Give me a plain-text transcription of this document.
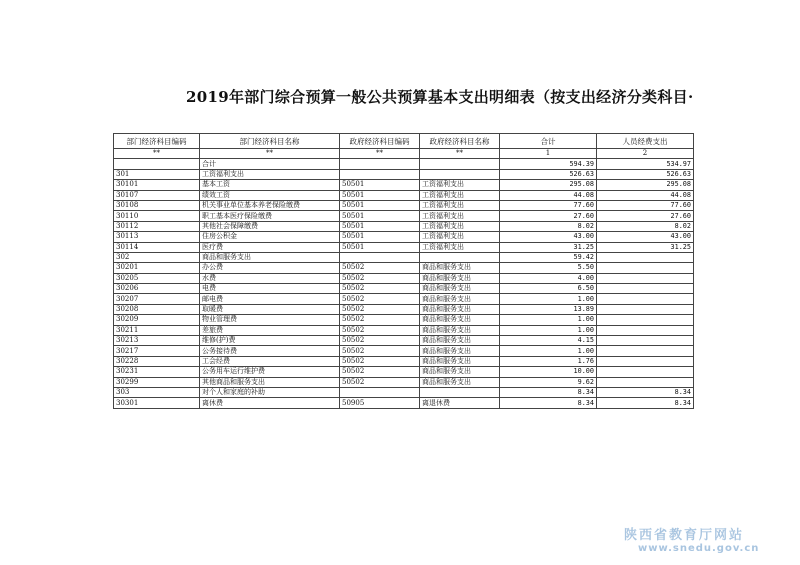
2019年部门综合预算一般公共预算基本支出明细表（按支出经济分类科目·
部门经济科目编码	部门经济科目名称	政府经济科目编码	政府经济科目名称	合计	人员经费支出
**	**	**	**	1	2
	合计			594.39	534.97
301	工资福利支出			526.63	526.63
30101	基本工资	50501	工资福利支出	295.08	295.08
30107	绩效工资	50501	工资福利支出	44.08	44.08
30108	机关事业单位基本养老保险缴费	50501	工资福利支出	77.60	77.60
30110	职工基本医疗保险缴费	50501	工资福利支出	27.60	27.60
30112	其他社会保障缴费	50501	工资福利支出	8.02	8.02
30113	住房公积金	50501	工资福利支出	43.00	43.00
30114	医疗费	50501	工资福利支出	31.25	31.25
302	商品和服务支出			59.42	
30201	办公费	50502	商品和服务支出	5.50	
30205	水费	50502	商品和服务支出	4.00	
30206	电费	50502	商品和服务支出	6.50	
30207	邮电费	50502	商品和服务支出	1.00	
30208	取暖费	50502	商品和服务支出	13.89	
30209	物业管理费	50502	商品和服务支出	1.00	
30211	差旅费	50502	商品和服务支出	1.00	
30213	维修(护)费	50502	商品和服务支出	4.15	
30217	公务接待费	50502	商品和服务支出	1.00	
30228	工会经费	50502	商品和服务支出	1.76	
30231	公务用车运行维护费	50502	商品和服务支出	10.00	
30299	其他商品和服务支出	50502	商品和服务支出	9.62	
303	对个人和家庭的补助			8.34	8.34
30301	离休费	50905	离退休费	8.34	8.34
陕西省教育厅网站
www.snedu.gov.cn
